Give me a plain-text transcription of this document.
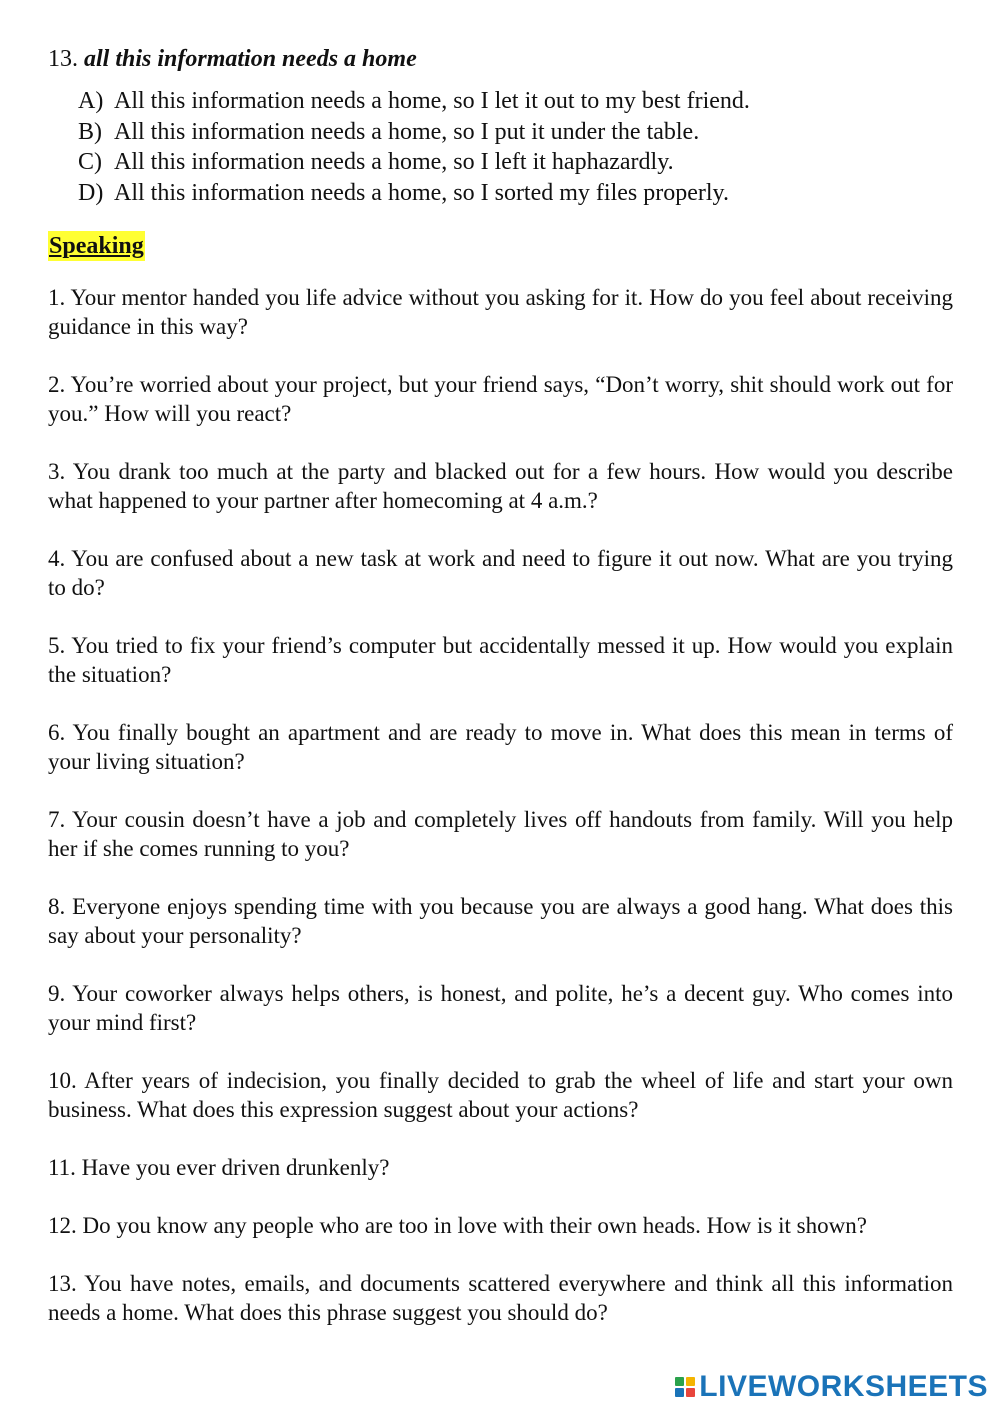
13. all this information needs a home
A) All this information needs a home, so I let it out to my best friend.
B) All this information needs a home, so I put it under the table.
C) All this information needs a home, so I left it haphazardly.
D) All this information needs a home, so I sorted my files properly.
Speaking
1. Your mentor handed you life advice without you asking for it. How do you feel about receiving guidance in this way?
2. You’re worried about your project, but your friend says, “Don’t worry, shit should work out for you.” How will you react?
3. You drank too much at the party and blacked out for a few hours. How would you describe what happened to your partner after homecoming at 4 a.m.?
4. You are confused about a new task at work and need to figure it out now. What are you trying to do?
5. You tried to fix your friend’s computer but accidentally messed it up. How would you explain the situation?
6. You finally bought an apartment and are ready to move in. What does this mean in terms of your living situation?
7. Your cousin doesn’t have a job and completely lives off handouts from family. Will you help her if she comes running to you?
8. Everyone enjoys spending time with you because you are always a good hang. What does this say about your personality?
9. Your coworker always helps others, is honest, and polite, he’s a decent guy. Who comes into your mind first?
10. After years of indecision, you finally decided to grab the wheel of life and start your own business. What does this expression suggest about your actions?
11. Have you ever driven drunkenly?
12. Do you know any people who are too in love with their own heads. How is it shown?
13. You have notes, emails, and documents scattered everywhere and think all this information needs a home. What does this phrase suggest you should do?
LIVEWORKSHEETS
